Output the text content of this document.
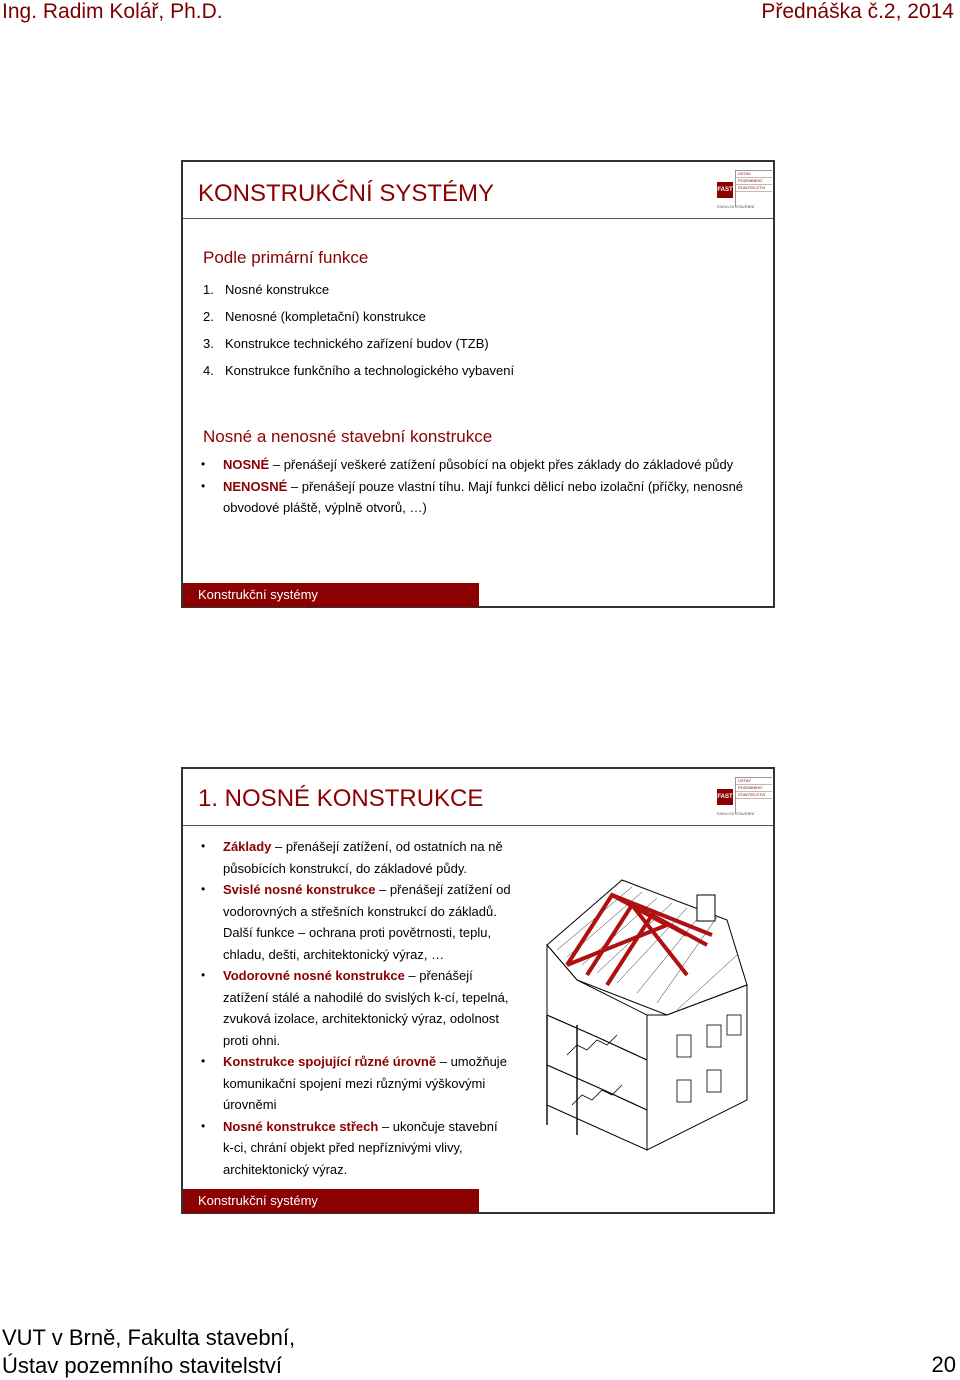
Ing. Radim Kolář, Ph.D.	Přednáška č.2, 2014
KONSTRUKČNÍ SYSTÉMY	FAST
ÚSTAV
POZEMNÍHO
STAVITELSTVÍ
FAKULTA STAVEBNÍ
Podle primární funkce
1. Nosné konstrukce
2. Nenosné (kompletační) konstrukce
3. Konstrukce technického zařízení budov (TZB)
4. Konstrukce funkčního a technologického vybavení
Nosné a nenosné stavební konstrukce
• NOSNÉ – přenášejí veškeré zatížení působící na objekt přes základy do základové půdy
• NENOSNÉ – přenášejí pouze vlastní tíhu. Mají funkci dělicí nebo izolační (příčky, nenosné obvodové pláště, výplně otvorů, …)
Konstrukční systémy
1. NOSNÉ KONSTRUKCE	FAST
ÚSTAV
POZEMNÍHO
STAVITELSTVÍ
FAKULTA STAVEBNÍ
• Základy – přenášejí zatížení, od ostatních na ně působících konstrukcí, do základové půdy.
• Svislé nosné konstrukce – přenášejí zatížení od vodorovných a střešních konstrukcí do základů. Další funkce – ochrana proti povětrnosti, teplu, chladu, dešti, architektonický výraz, …
• Vodorovné nosné konstrukce – přenášejí zatížení stálé a nahodilé do svislých k-cí, tepelná, zvuková izolace, architektonický výraz, odolnost proti ohni.
• Konstrukce spojující různé úrovně – umožňuje komunikační spojení mezi různými výškovými úrovněmi
• Nosné konstrukce střech – ukončuje stavební k-ci, chrání objekt před nepříznivými vlivy, architektonický výraz.
Konstrukční systémy
VUT v Brně, Fakulta stavební,
Ústav pozemního stavitelství	20
